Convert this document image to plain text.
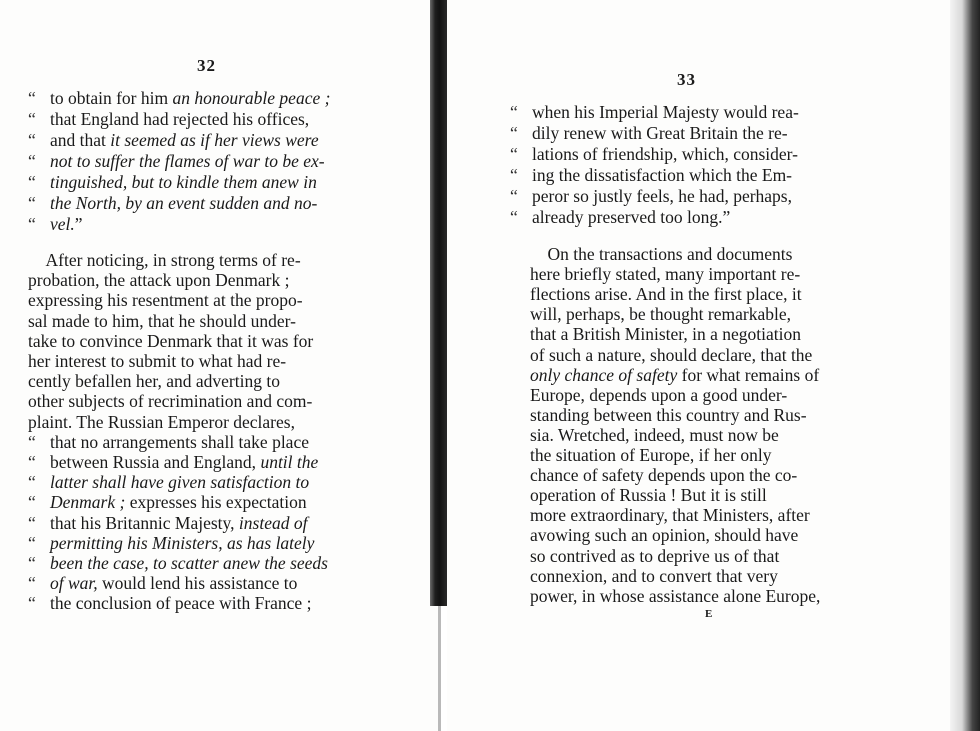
32
“ to obtain for him an honourable peace ;
“ that England had rejected his offices,
“ and that it seemed as if her views were
“ not to suffer the flames of war to be ex-
“ tinguished, but to kindle them anew in
“ the North, by an event sudden and no-
“ vel.”
After noticing, in strong terms of re-
probation, the attack upon Denmark ;
expressing his resentment at the propo-
sal made to him, that he should under-
take to convince Denmark that it was for
her interest to submit to what had re-
cently befallen her, and adverting to
other subjects of recrimination and com-
plaint. The Russian Emperor declares,
“ that no arrangements shall take place
“ between Russia and England, until the
“ latter shall have given satisfaction to
“ Denmark ; expresses his expectation
“ that his Britannic Majesty, instead of
“ permitting his Ministers, as has lately
“ been the case, to scatter anew the seeds
“ of war, would lend his assistance to
“ the conclusion of peace with France ;
33
“ when his Imperial Majesty would rea-
“ dily renew with Great Britain the re-
“ lations of friendship, which, consider-
“ ing the dissatisfaction which the Em-
“ peror so justly feels, he had, perhaps,
“ already preserved too long.”
On the transactions and documents
here briefly stated, many important re-
flections arise. And in the first place, it
will, perhaps, be thought remarkable,
that a British Minister, in a negotiation
of such a nature, should declare, that the
only chance of safety for what remains of
Europe, depends upon a good under-
standing between this country and Rus-
sia. Wretched, indeed, must now be
the situation of Europe, if her only
chance of safety depends upon the co-
operation of Russia ! But it is still
more extraordinary, that Ministers, after
avowing such an opinion, should have
so contrived as to deprive us of that
connexion, and to convert that very
power, in whose assistance alone Europe,
E
